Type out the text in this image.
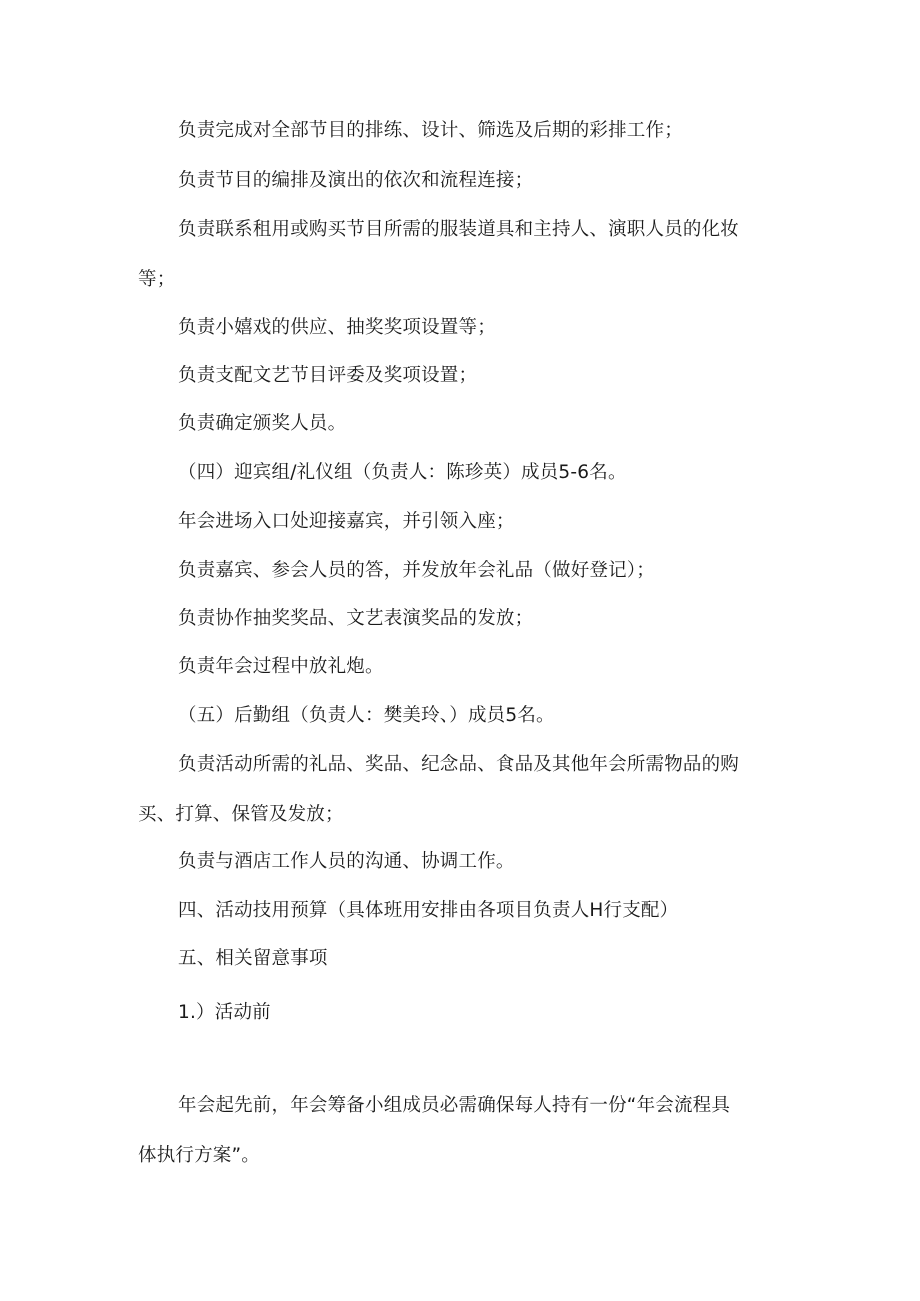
负责完成对全部节目的排练、设计、筛选及后期的彩排工作；

负责节目的编排及演出的依次和流程连接；

负责联系租用或购买节目所需的服装道具和主持人、演职人员的化妆
等；

负责小嬉戏的供应、抽奖奖项设置等；

负责支配文艺节目评委及奖项设置；

负责确定颁奖人员。

（四）迎宾组/礼仪组（负责人：陈珍英）成员5-6名。

年会进场入口处迎接嘉宾，并引领入座；

负责嘉宾、参会人员的答，并发放年会礼品（做好登记）；

负责协作抽奖奖品、文艺表演奖品的发放；

负责年会过程中放礼炮。

（五）后勤组（负责人：樊美玲、）成员5名。

负责活动所需的礼品、奖品、纪念品、食品及其他年会所需物品的购
买、打算、保管及发放；

负责与酒店工作人员的沟通、协调工作。

四、活动技用预算（具体班用安排由各项目负责人H行支配）

五、相关留意事项

1.）活动前

年会起先前，年会筹备小组成员必需确保每人持有一份“年会流程具
体执行方案”。
